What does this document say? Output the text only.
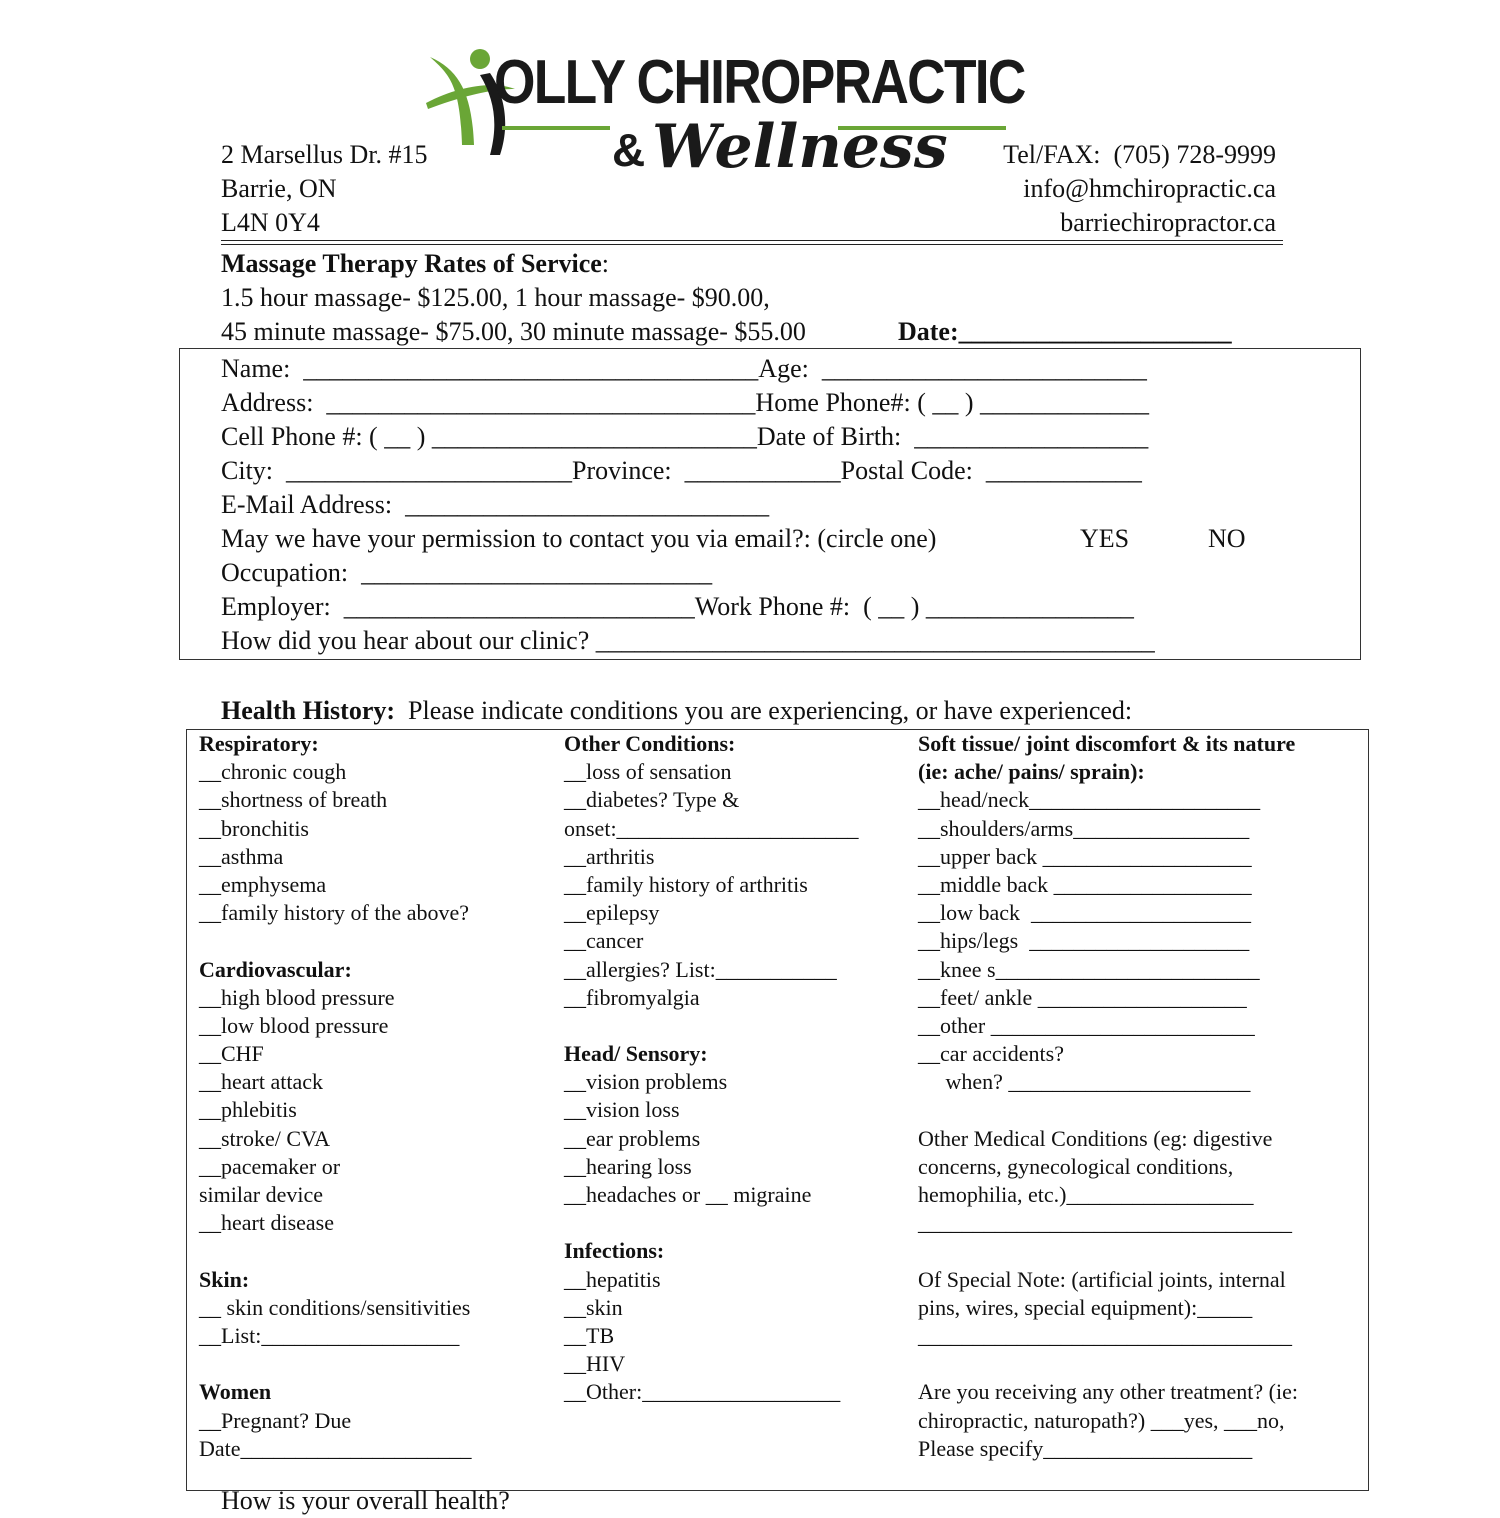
OLLY CHIROPRACTIC
& Wellness
2 Marsellus Dr. #15
Barrie, ON
L4N 0Y4
Tel/FAX:  (705) 728-9999
info@hmchiropractic.ca
barriechiropractor.ca
Massage Therapy Rates of Service:
1.5 hour massage- $125.00, 1 hour massage- $90.00,
45 minute massage- $75.00, 30 minute massage- $55.00	Date:_____________________
Name:  ___________________________________Age:  _________________________
Address:  _________________________________Home Phone#: ( __ ) _____________
Cell Phone #: ( __ ) _________________________Date of Birth:  __________________
City:  ______________________Province:  ____________Postal Code:  ____________
E-Mail Address:  ____________________________
May we have your permission to contact you via email?: (circle one)	YES	NO
Occupation:  ___________________________
Employer:  ___________________________Work Phone #:  ( __ ) ________________
How did you hear about our clinic? ___________________________________________
Health History: Please indicate conditions you are experiencing, or have experienced:
Respiratory:
__chronic cough
__shortness of breath
__bronchitis
__asthma
__emphysema
__family history of the above?
Cardiovascular:
__high blood pressure
__low blood pressure
__CHF
__heart attack
__phlebitis
__stroke/ CVA
__pacemaker or
similar device
__heart disease
Skin:
__ skin conditions/sensitivities
__List:__________________
Women
__Pregnant? Due
Date_____________________
Other Conditions:
__loss of sensation
__diabetes? Type &
onset:______________________
__arthritis
__family history of arthritis
__epilepsy
__cancer
__allergies? List:___________
__fibromyalgia
Head/ Sensory:
__vision problems
__vision loss
__ear problems
__hearing loss
__headaches or __ migraine
Infections:
__hepatitis
__skin
__TB
__HIV
__Other:__________________
Soft tissue/ joint discomfort & its nature
(ie: ache/ pains/ sprain):
__head/neck_____________________
__shoulders/arms________________
__upper back ___________________
__middle back __________________
__low back  ____________________
__hips/legs  ____________________
__knee s________________________
__feet/ ankle ___________________
__other ________________________
__car accidents?
when? ______________________
Other Medical Conditions (eg: digestive
concerns, gynecological conditions,
hemophilia, etc.)_________________
__________________________________
Of Special Note: (artificial joints, internal
pins, wires, special equipment):_____
__________________________________
Are you receiving any other treatment? (ie:
chiropractic, naturopath?) ___yes, ___no,
Please specify___________________
How is your overall health?
